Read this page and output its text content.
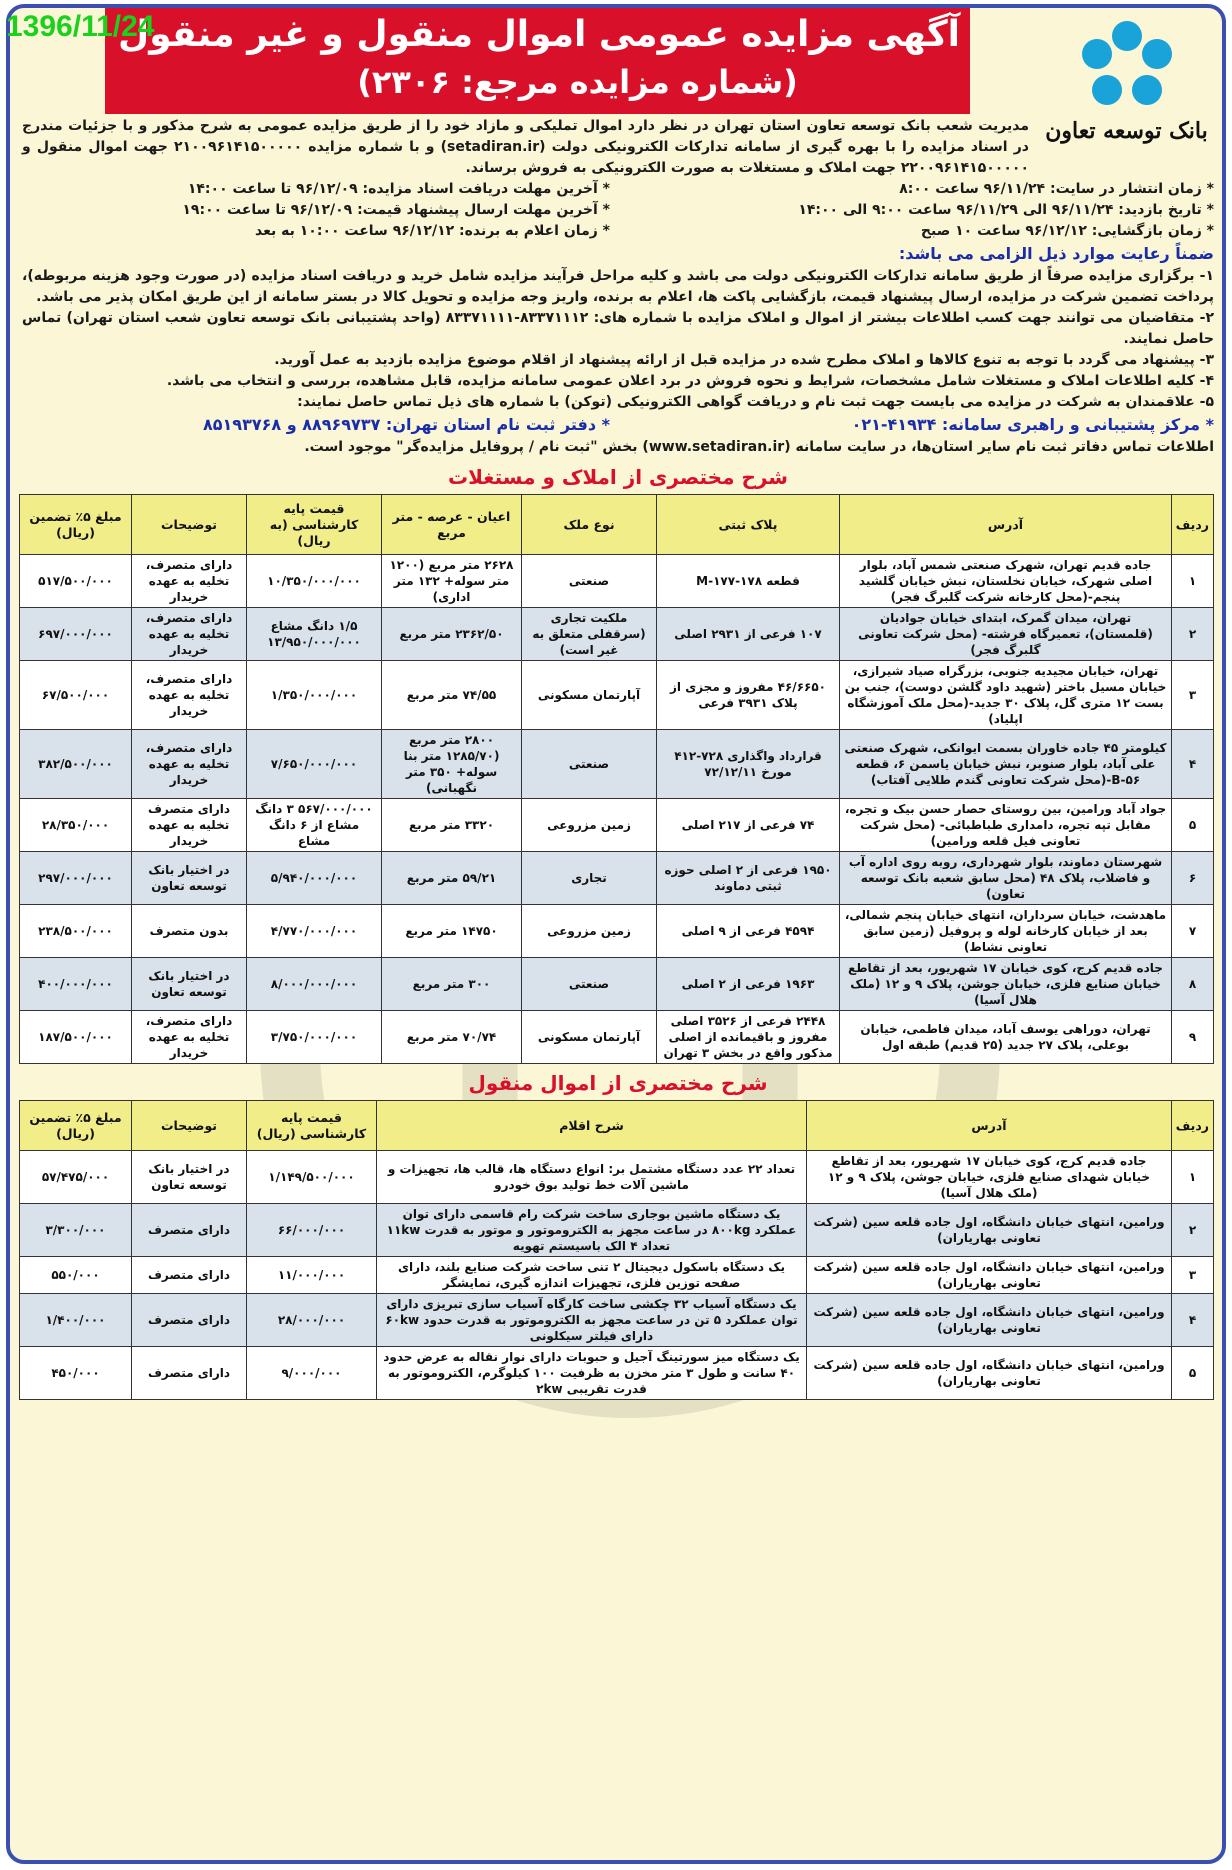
1396/11/24
آگهی مزایده عمومی اموال منقول و غیر منقول
(شماره مزایده مرجع: ۲۳۰۶)
بانک توسعه تعاون
مدیریت شعب بانک توسعه تعاون استان تهران در نظر دارد اموال تملیکی و مازاد خود را از طریق مزایده عمومی به شرح مذکور و با جزئیات مندرج در اسناد مزایده را با بهره گیری از سامانه تدارکات الکترونیکی دولت (setadiran.ir) و با شماره مزایده ۲۱۰۰۹۶۱۴۱۵۰۰۰۰۰ جهت اموال منقول و ۲۲۰۰۹۶۱۴۱۵۰۰۰۰۰ جهت املاک و مستغلات به صورت الکترونیکی به فروش برساند.
* زمان انتشار در سایت: ۹۶/۱۱/۲۴ ساعت ۸:۰۰
* آخرین مهلت دریافت اسناد مزایده: ۹۶/۱۲/۰۹ تا ساعت ۱۴:۰۰
* تاریخ بازدید: ۹۶/۱۱/۲۴ الی ۹۶/۱۱/۲۹ ساعت ۹:۰۰ الی ۱۴:۰۰
* آخرین مهلت ارسال پیشنهاد قیمت: ۹۶/۱۲/۰۹ تا ساعت ۱۹:۰۰
* زمان بازگشایی: ۹۶/۱۲/۱۲ ساعت ۱۰ صبح
* زمان اعلام به برنده: ۹۶/۱۲/۱۲ ساعت ۱۰:۰۰ به بعد
ضمناً رعایت موارد ذیل الزامی می باشد:
۱- برگزاری مزایده صرفاً از طریق سامانه تدارکات الکترونیکی دولت می باشد و کلیه مراحل فرآیند مزایده شامل خرید و دریافت اسناد مزایده (در صورت وجود هزینه مربوطه)، پرداخت تضمین شرکت در مزایده، ارسال پیشنهاد قیمت، بازگشایی پاکت ها، اعلام به برنده، واریز وجه مزایده و تحویل کالا در بستر سامانه از این طریق امکان پذیر می باشد.
۲- متقاضیان می توانند جهت کسب اطلاعات بیشتر از اموال و املاک مزایده با شماره های: ۸۳۳۷۱۱۱۲-۸۳۳۷۱۱۱۱ (واحد پشتیبانی بانک توسعه تعاون شعب استان تهران) تماس حاصل نمایند.
۳- پیشنهاد می گردد با توجه به تنوع کالاها و املاک مطرح شده در مزایده قبل از ارائه پیشنهاد از اقلام موضوع مزایده بازدید به عمل آورید.
۴- کلیه اطلاعات املاک و مستغلات شامل مشخصات، شرایط و نحوه فروش در برد اعلان عمومی سامانه مزایده، قابل مشاهده، بررسی و انتخاب می باشد.
۵- علاقمندان به شرکت در مزایده می بایست جهت ثبت نام و دریافت گواهی الکترونیکی (توکن) با شماره های ذیل تماس حاصل نمایند:
* مرکز پشتیبانی و راهبری سامانه: ۴۱۹۳۴-۰۲۱
* دفتر ثبت نام استان تهران: ۸۸۹۶۹۷۳۷ و ۸۵۱۹۳۷۶۸
اطلاعات تماس دفاتر ثبت نام سایر استان‌ها، در سایت سامانه (www.setadiran.ir) بخش "ثبت نام / پروفایل مزایده‌گر" موجود است.
شرح مختصری از املاک و مستغلات
ردیف	آدرس	پلاک ثبتی	نوع ملک	اعیان - عرصه - متر مربع	قیمت پایه کارشناسی (به ریال)	توضیحات	مبلغ ۵٪ تضمین (ریال)
۱	جاده قدیم تهران، شهرک صنعتی شمس آباد، بلوار اصلی شهرک، خیابان نخلستان، نبش خیابان گلشید پنجم-(محل کارخانه شرکت گلبرگ فجر)	قطعه M-۱۷۷-۱۷۸	صنعتی	۲۶۲۸ متر مربع (۱۲۰۰ متر سوله+ ۱۳۲ متر اداری)	۱۰/۳۵۰/۰۰۰/۰۰۰	دارای متصرف، تخلیه به عهده خریدار	۵۱۷/۵۰۰/۰۰۰
۲	تهران، میدان گمرک، ابتدای خیابان جوادیان (قلمستان)، تعمیرگاه فرشته- (محل شرکت تعاونی گلبرگ فجر)	۱۰۷ فرعی از ۲۹۳۱ اصلی	ملکیت تجاری (سرقفلی متعلق به غیر است)	۲۳۶۲/۵۰ متر مربع	۱/۵ دانگ مشاع ۱۳/۹۵۰/۰۰۰/۰۰۰	دارای متصرف، تخلیه به عهده خریدار	۶۹۷/۰۰۰/۰۰۰
۳	تهران، خیابان مجیدیه جنوبی، بزرگراه صیاد شیرازی، خیابان مسیل باختر (شهید داود گلشن دوست)، جنب بن بست ۱۲ متری گل، پلاک ۳۰ جدید-(محل ملک آموزشگاه اپلیاد)	۴۶/۶۶۵۰ مفروز و مجزی از پلاک ۳۹۳۱ فرعی	آپارتمان مسکونی	۷۴/۵۵ متر مربع	۱/۳۵۰/۰۰۰/۰۰۰	دارای متصرف، تخلیه به عهده خریدار	۶۷/۵۰۰/۰۰۰
۴	کیلومتر ۴۵ جاده خاوران بسمت ایوانکی، شهرک صنعتی علی آباد، بلوار صنوبر، نبش خیابان یاسمن ۶، قطعه B-۵۶-(محل شرکت تعاونی گندم طلایی آفتاب)	قرارداد واگذاری ۷۲۸-۴۱۲ مورخ ۷۲/۱۲/۱۱	صنعتی	۲۸۰۰ متر مربع (۱۲۸۵/۷۰ متر بنا سوله+ ۳۵۰ متر نگهبانی)	۷/۶۵۰/۰۰۰/۰۰۰	دارای متصرف، تخلیه به عهده خریدار	۳۸۲/۵۰۰/۰۰۰
۵	جواد آباد ورامین، بین روستای حصار حسن بیک و تجره، مقابل تپه تجره، دامداری طباطبائی- (محل شرکت تعاونی فیل قلعه ورامین)	۷۴ فرعی از ۲۱۷ اصلی	زمین مزروعی	۳۳۲۰ متر مربع	۵۶۷/۰۰۰/۰۰۰ ۳ دانگ مشاع از ۶ دانگ مشاع	دارای متصرف تخلیه به عهده خریدار	۲۸/۳۵۰/۰۰۰
۶	شهرستان دماوند، بلوار شهرداری، روبه روی اداره آب و فاضلاب، پلاک ۴۸ (محل سابق شعبه بانک توسعه تعاون)	۱۹۵۰ فرعی از ۲ اصلی حوزه ثبتی دماوند	تجاری	۵۹/۲۱ متر مربع	۵/۹۴۰/۰۰۰/۰۰۰	در اختیار بانک توسعه تعاون	۲۹۷/۰۰۰/۰۰۰
۷	ماهدشت، خیابان سرداران، انتهای خیابان پنجم شمالی، بعد از خیابان کارخانه لوله و پروفیل (زمین سابق تعاونی نشاط)	۴۵۹۴ فرعی از ۹ اصلی	زمین مزروعی	۱۴۷۵۰ متر مربع	۴/۷۷۰/۰۰۰/۰۰۰	بدون متصرف	۲۳۸/۵۰۰/۰۰۰
۸	جاده قدیم کرج، کوی خیابان ۱۷ شهریور، بعد از تقاطع خیابان صنایع فلزی، خیابان جوشن، پلاک ۹ و ۱۲ (ملک هلال آسیا)	۱۹۶۳ فرعی از ۲ اصلی	صنعتی	۳۰۰ متر مربع	۸/۰۰۰/۰۰۰/۰۰۰	در اختیار بانک توسعه تعاون	۴۰۰/۰۰۰/۰۰۰
۹	تهران، دوراهی یوسف آباد، میدان فاطمی، خیابان بوعلی، پلاک ۲۷ جدید (۲۵ قدیم) طبقه اول	۲۴۴۸ فرعی از ۳۵۲۶ اصلی مفروز و باقیمانده از اصلی مذکور واقع در بخش ۳ تهران	آپارتمان مسکونی	۷۰/۷۴ متر مربع	۳/۷۵۰/۰۰۰/۰۰۰	دارای متصرف، تخلیه به عهده خریدار	۱۸۷/۵۰۰/۰۰۰
شرح مختصری از اموال منقول
ردیف	آدرس	شرح اقلام	قیمت پایه کارشناسی (ریال)	توضیحات	مبلغ ۵٪ تضمین (ریال)
۱	جاده قدیم کرج، کوی خیابان ۱۷ شهریور، بعد از تقاطع خیابان شهدای صنایع فلزی، خیابان جوشن، پلاک ۹ و ۱۲ (ملک هلال آسیا)	تعداد ۲۲ عدد دستگاه مشتمل بر: انواع دستگاه ها، قالب ها، تجهیزات و ماشین آلات خط تولید بوق خودرو	۱/۱۴۹/۵۰۰/۰۰۰	در اختیار بانک توسعه تعاون	۵۷/۴۷۵/۰۰۰
۲	ورامین، انتهای خیابان دانشگاه، اول جاده قلعه سین (شرکت تعاونی بهاریاران)	یک دستگاه ماشین بوجاری ساخت شرکت رام قاسمی دارای توان عملکرد ۸۰۰kg در ساعت مجهز به الکتروموتور و موتور به قدرت ۱۱kw تعداد ۴ الک باسیستم تهویه	۶۶/۰۰۰/۰۰۰	دارای متصرف	۳/۳۰۰/۰۰۰
۳	ورامین، انتهای خیابان دانشگاه، اول جاده قلعه سین (شرکت تعاونی بهاریاران)	یک دستگاه باسکول دیجیتال ۲ تنی ساخت شرکت صنایع بلند، دارای صفحه توزین فلزی، تجهیزات اندازه گیری، نمایشگر	۱۱/۰۰۰/۰۰۰	دارای متصرف	۵۵۰/۰۰۰
۴	ورامین، انتهای خیابان دانشگاه، اول جاده قلعه سین (شرکت تعاونی بهاریاران)	یک دستگاه آسیاب ۳۲ چکشی ساخت کارگاه آسیاب سازی تبریزی دارای توان عملکرد ۵ تن در ساعت مجهز به الکتروموتور به قدرت حدود ۶۰kw دارای فیلتر سیکلونی	۲۸/۰۰۰/۰۰۰	دارای متصرف	۱/۴۰۰/۰۰۰
۵	ورامین، انتهای خیابان دانشگاه، اول جاده قلعه سین (شرکت تعاونی بهاریاران)	یک دستگاه میز سورتینگ آجیل و حبوبات دارای نوار نقاله به عرض حدود ۴۰ سانت و طول ۳ متر مخزن به ظرفیت ۱۰۰ کیلوگرم، الکتروموتور به قدرت تقریبی ۲kw	۹/۰۰۰/۰۰۰	دارای متصرف	۴۵۰/۰۰۰
